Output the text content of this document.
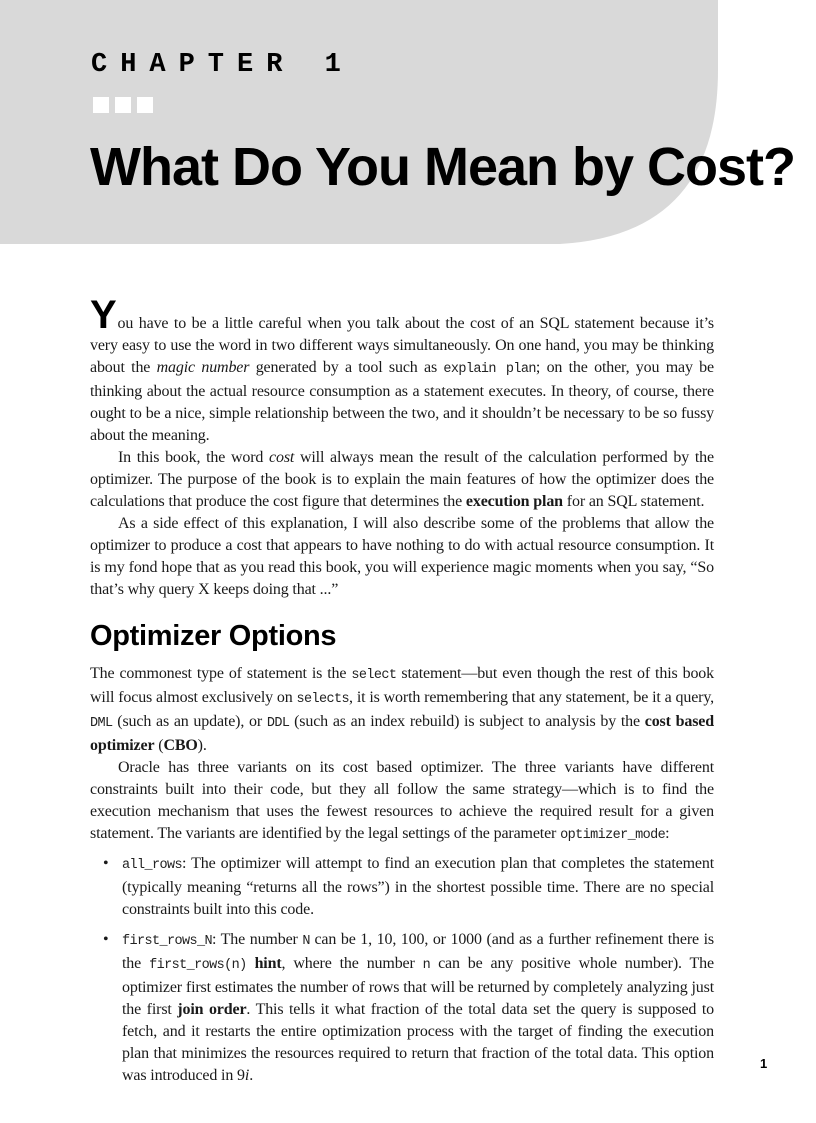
CHAPTER 1
What Do You Mean by Cost?

You have to be a little careful when you talk about the cost of an SQL statement because it’s very easy to use the word in two different ways simultaneously. On one hand, you may be thinking about the magic number generated by a tool such as explain plan; on the other, you may be thinking about the actual resource consumption as a statement executes. In theory, of course, there ought to be a nice, simple relationship between the two, and it shouldn’t be necessary to be so fussy about the meaning.

In this book, the word cost will always mean the result of the calculation performed by the optimizer. The purpose of the book is to explain the main features of how the optimizer does the calculations that produce the cost figure that determines the execution plan for an SQL statement.

As a side effect of this explanation, I will also describe some of the problems that allow the optimizer to produce a cost that appears to have nothing to do with actual resource consumption. It is my fond hope that as you read this book, you will experience magic moments when you say, “So that’s why query X keeps doing that ...”

Optimizer Options

The commonest type of statement is the select statement—but even though the rest of this book will focus almost exclusively on selects, it is worth remembering that any statement, be it a query, DML (such as an update), or DDL (such as an index rebuild) is subject to analysis by the cost based optimizer (CBO).

Oracle has three variants on its cost based optimizer. The three variants have different constraints built into their code, but they all follow the same strategy—which is to find the execution mechanism that uses the fewest resources to achieve the required result for a given statement. The variants are identified by the legal settings of the parameter optimizer_mode:

• all_rows: The optimizer will attempt to find an execution plan that completes the statement (typically meaning “returns all the rows”) in the shortest possible time. There are no special constraints built into this code.

• first_rows_N: The number N can be 1, 10, 100, or 1000 (and as a further refinement there is the first_rows(n) hint, where the number n can be any positive whole number). The optimizer first estimates the number of rows that will be returned by completely analyzing just the first join order. This tells it what fraction of the total data set the query is supposed to fetch, and it restarts the entire optimization process with the target of finding the execution plan that minimizes the resources required to return that fraction of the total data. This option was introduced in 9i.

1
